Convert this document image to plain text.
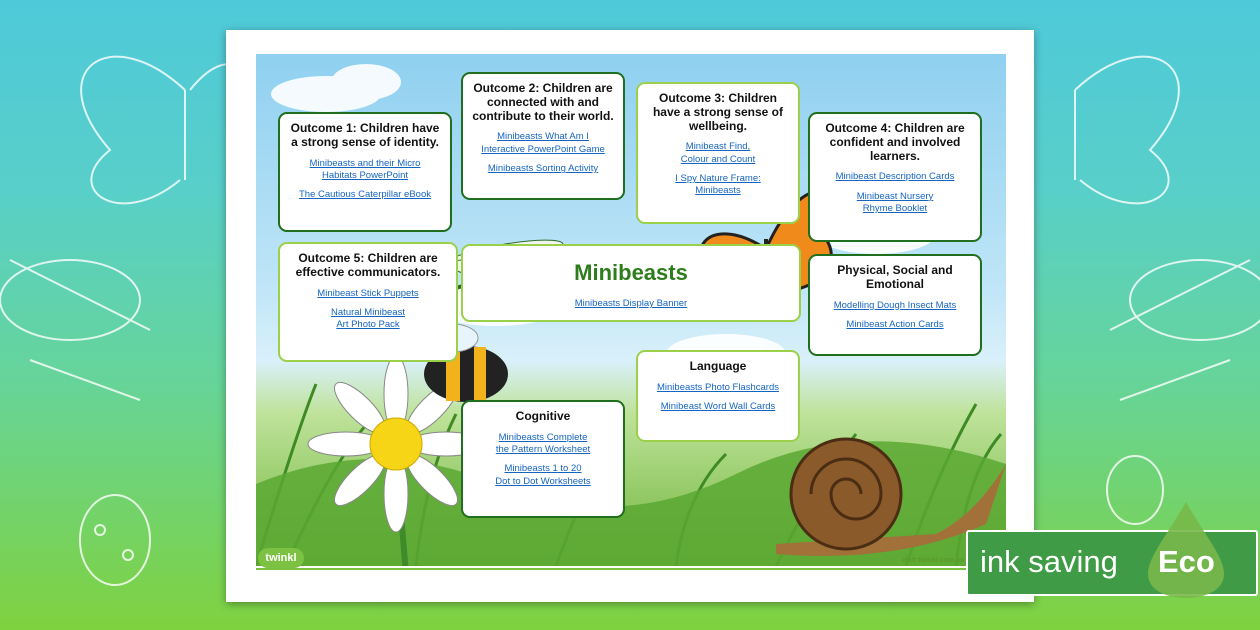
Outcome 1: Children have a strong sense of identity.
Minibeasts and their Micro
Habitats PowerPoint
The Cautious Caterpillar eBook
Outcome 2: Children are connected with and contribute to their world.
Minibeasts What Am I
Interactive PowerPoint Game
Minibeasts Sorting Activity
Outcome 3: Children have a strong sense of wellbeing.
Minibeast Find,
Colour and Count
I Spy Nature Frame:
Minibeasts
Outcome 4: Children are confident and involved learners.
Minibeast Description Cards
Minibeast Nursery
Rhyme Booklet
Outcome 5: Children are effective communicators.
Minibeast Stick Puppets
Natural Minibeast
Art Photo Pack
Minibeasts
Minibeasts Display Banner
Physical, Social and Emotional
Modelling Dough Insect Mats
Minibeast Action Cards
Language
Minibeasts Photo Flashcards
Minibeast Word Wall Cards
Cognitive
Minibeasts Complete
the Pattern Worksheet
Minibeasts 1 to 20
Dot to Dot Worksheets
twinkl	visit twinkl.com.au ink saving Eco
